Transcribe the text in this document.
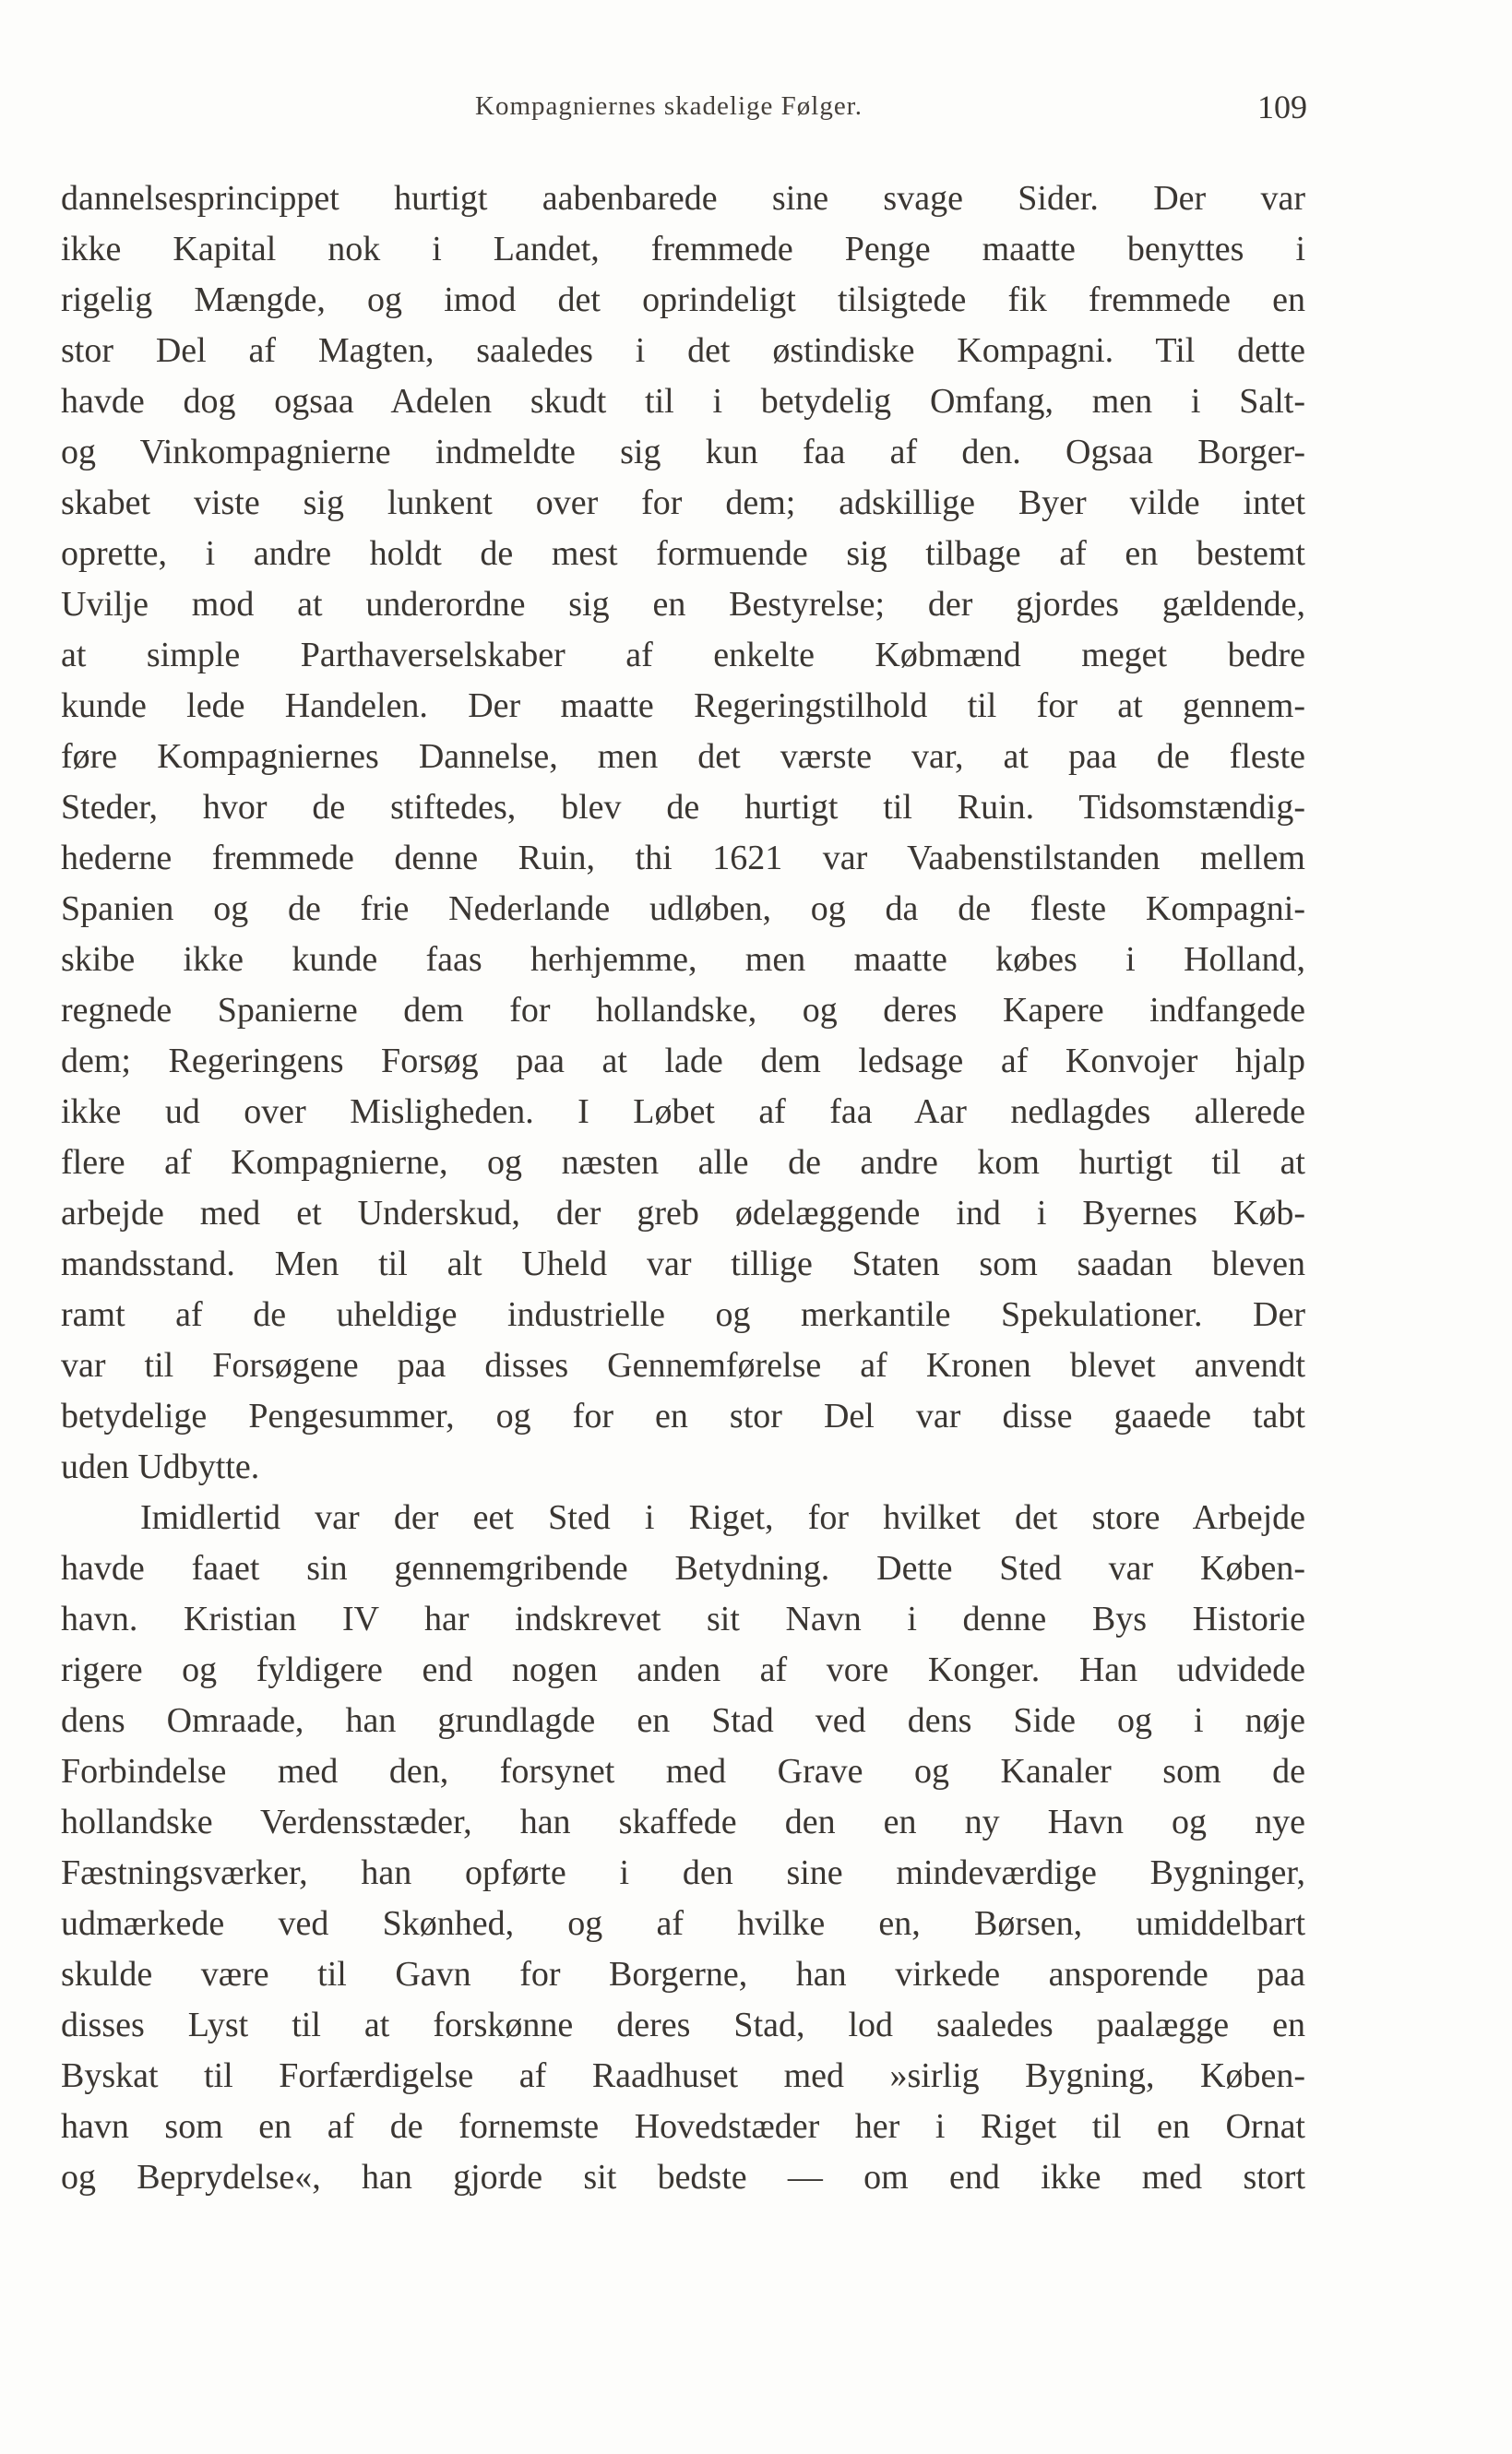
Kompagniernes skadelige Følger.	109
dannelsesprincippet hurtigt aabenbarede sine svage Sider. Der var
ikke Kapital nok i Landet, fremmede Penge maatte benyttes i
rigelig Mængde, og imod det oprindeligt tilsigtede fik fremmede en
stor Del af Magten, saaledes i det østindiske Kompagni. Til dette
havde dog ogsaa Adelen skudt til i betydelig Omfang, men i Salt-
og Vinkompagnierne indmeldte sig kun faa af den. Ogsaa Borger-
skabet viste sig lunkent over for dem; adskillige Byer vilde intet
oprette, i andre holdt de mest formuende sig tilbage af en bestemt
Uvilje mod at underordne sig en Bestyrelse; der gjordes gældende,
at simple Parthaverselskaber af enkelte Købmænd meget bedre
kunde lede Handelen. Der maatte Regeringstilhold til for at gennem-
føre Kompagniernes Dannelse, men det værste var, at paa de fleste
Steder, hvor de stiftedes, blev de hurtigt til Ruin. Tidsomstændig-
hederne fremmede denne Ruin, thi 1621 var Vaabenstilstanden mellem
Spanien og de frie Nederlande udløben, og da de fleste Kompagni-
skibe ikke kunde faas herhjemme, men maatte købes i Holland,
regnede Spanierne dem for hollandske, og deres Kapere indfangede
dem; Regeringens Forsøg paa at lade dem ledsage af Konvojer hjalp
ikke ud over Misligheden. I Løbet af faa Aar nedlagdes allerede
flere af Kompagnierne, og næsten alle de andre kom hurtigt til at
arbejde med et Underskud, der greb ødelæggende ind i Byernes Køb-
mandsstand. Men til alt Uheld var tillige Staten som saadan bleven
ramt af de uheldige industrielle og merkantile Spekulationer. Der
var til Forsøgene paa disses Gennemførelse af Kronen blevet anvendt
betydelige Pengesummer, og for en stor Del var disse gaaede tabt
uden Udbytte.
Imidlertid var der eet Sted i Riget, for hvilket det store Arbejde
havde faaet sin gennemgribende Betydning. Dette Sted var Køben-
havn. Kristian IV har indskrevet sit Navn i denne Bys Historie
rigere og fyldigere end nogen anden af vore Konger. Han udvidede
dens Omraade, han grundlagde en Stad ved dens Side og i nøje
Forbindelse med den, forsynet med Grave og Kanaler som de
hollandske Verdensstæder, han skaffede den en ny Havn og nye
Fæstningsværker, han opførte i den sine mindeværdige Bygninger,
udmærkede ved Skønhed, og af hvilke en, Børsen, umiddelbart
skulde være til Gavn for Borgerne, han virkede ansporende paa
disses Lyst til at forskønne deres Stad, lod saaledes paalægge en
Byskat til Forfærdigelse af Raadhuset med »sirlig Bygning, Køben-
havn som en af de fornemste Hovedstæder her i Riget til en Ornat
og Beprydelse«, han gjorde sit bedste — om end ikke med stort
